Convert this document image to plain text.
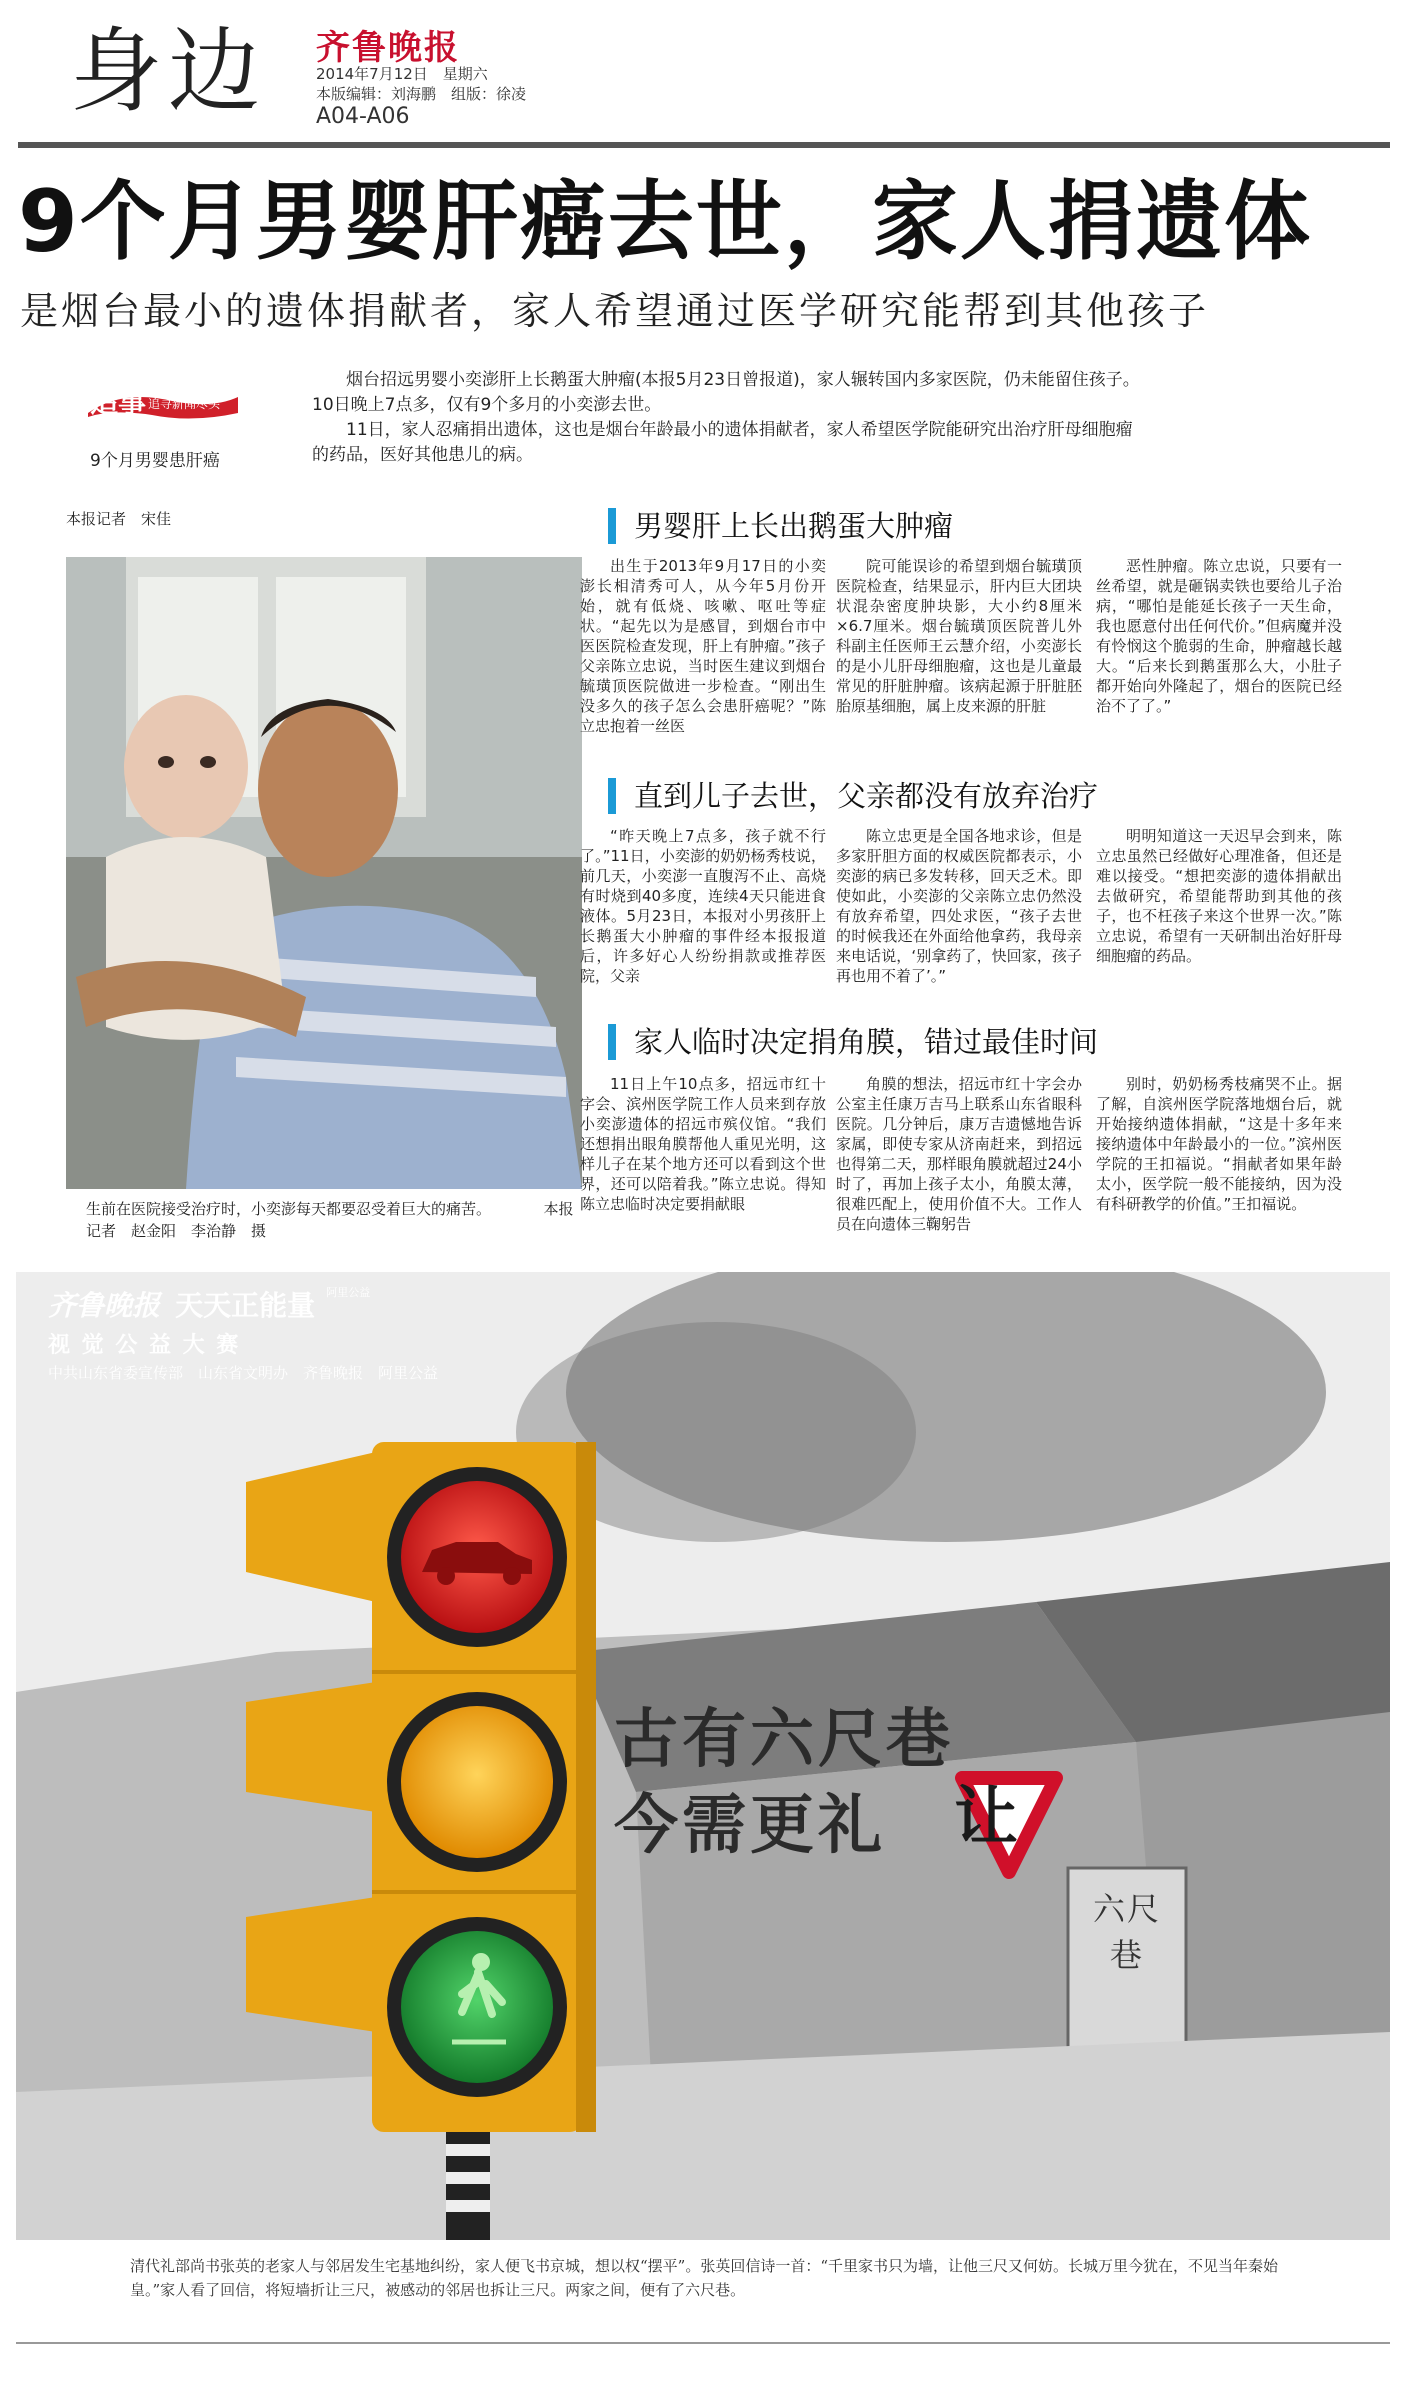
身边 齐鲁晚报
2014年7月12日　星期六
本版编辑：刘海鹏　组版：徐凌
A04-A06
9个月男婴肝癌去世，家人捐遗体
是烟台最小的遗体捐献者，家人希望通过医学研究能帮到其他孩子
追事 追寻新闻尽头
9个月男婴患肝癌

烟台招远男婴小奕澎肝上长鹅蛋大肿瘤(本报5月23日曾报道)，家人辗转国内多家医院，仍未能留住孩子。10日晚上7点多，仅有9个多月的小奕澎去世。

11日，家人忍痛捐出遗体，这也是烟台年龄最小的遗体捐献者，家人希望医学院能研究出治疗肝母细胞瘤的药品，医好其他患儿的病。

本报记者　宋佳
生前在医院接受治疗时，小奕澎每天都要忍受着巨大的痛苦。　　　　本报记者　赵金阳　李治静　摄
男婴肝上长出鹅蛋大肿瘤

出生于2013年9月17日的小奕澎长相清秀可人，从今年5月份开始，就有低烧、咳嗽、呕吐等症状。“起先以为是感冒，到烟台市中医医院检查发现，肝上有肿瘤。”孩子父亲陈立忠说，当时医生建议到烟台毓璜顶医院做进一步检查。“刚出生没多久的孩子怎么会患肝癌呢？”陈立忠抱着一丝医

院可能误诊的希望到烟台毓璜顶医院检查，结果显示，肝内巨大团块状混杂密度肿块影，大小约8厘米×6.7厘米。烟台毓璜顶医院普儿外科副主任医师王云慧介绍，小奕澎长的是小儿肝母细胞瘤，这也是儿童最常见的肝脏肿瘤。该病起源于肝脏胚胎原基细胞，属上皮来源的肝脏

恶性肿瘤。陈立忠说，只要有一丝希望，就是砸锅卖铁也要给儿子治病，“哪怕是能延长孩子一天生命，我也愿意付出任何代价。”但病魔并没有怜悯这个脆弱的生命，肿瘤越长越大。“后来长到鹅蛋那么大，小肚子都开始向外隆起了，烟台的医院已经治不了了。”

直到儿子去世，父亲都没有放弃治疗

“昨天晚上7点多，孩子就不行了。”11日，小奕澎的奶奶杨秀枝说，前几天，小奕澎一直腹泻不止、高烧有时烧到40多度，连续4天只能进食液体。5月23日，本报对小男孩肝上长鹅蛋大小肿瘤的事件经本报报道后，许多好心人纷纷捐款或推荐医院，父亲

陈立忠更是全国各地求诊，但是多家肝胆方面的权威医院都表示，小奕澎的病已多发转移，回天乏术。即使如此，小奕澎的父亲陈立忠仍然没有放弃希望，四处求医，“孩子去世的时候我还在外面给他拿药，我母亲来电话说，‘别拿药了，快回家，孩子再也用不着了’。”

明明知道这一天迟早会到来，陈立忠虽然已经做好心理准备，但还是难以接受。“想把奕澎的遗体捐献出去做研究，希望能帮助到其他的孩子，也不枉孩子来这个世界一次。”陈立忠说，希望有一天研制出治好肝母细胞瘤的药品。

家人临时决定捐角膜，错过最佳时间

11日上午10点多，招远市红十字会、滨州医学院工作人员来到存放小奕澎遗体的招远市殡仪馆。“我们还想捐出眼角膜帮他人重见光明，这样儿子在某个地方还可以看到这个世界，还可以陪着我。”陈立忠说。得知陈立忠临时决定要捐献眼

角膜的想法，招远市红十字会办公室主任康万吉马上联系山东省眼科医院。几分钟后，康万吉遗憾地告诉家属，即使专家从济南赶来，到招远也得第二天，那样眼角膜就超过24小时了，再加上孩子太小，角膜太薄，很难匹配上，使用价值不大。工作人员在向遗体三鞠躬告

别时，奶奶杨秀枝痛哭不止。据了解，自滨州医学院落地烟台后，就开始接纳遗体捐献，“这是十多年来接纳遗体中年龄最小的一位。”滨州医学院的王扣福说。“捐献者如果年龄太小，医学院一般不能接纳，因为没有科研教学的价值。”王扣福说。

齐鲁晚报 天天正能量 $^{阿里公益}$
视 觉 公 益 大 赛
中共山东省委宣传部　山东省文明办　齐鲁晚报　阿里公益
古有六尺巷
今需更礼 让
六尺巷
清代礼部尚书张英的老家人与邻居发生宅基地纠纷，家人便飞书京城，想以权“摆平”。张英回信诗一首：“千里家书只为墙，让他三尺又何妨。长城万里今犹在，不见当年秦始皇。”家人看了回信，将短墙折让三尺，被感动的邻居也拆让三尺。两家之间，便有了六尺巷。
